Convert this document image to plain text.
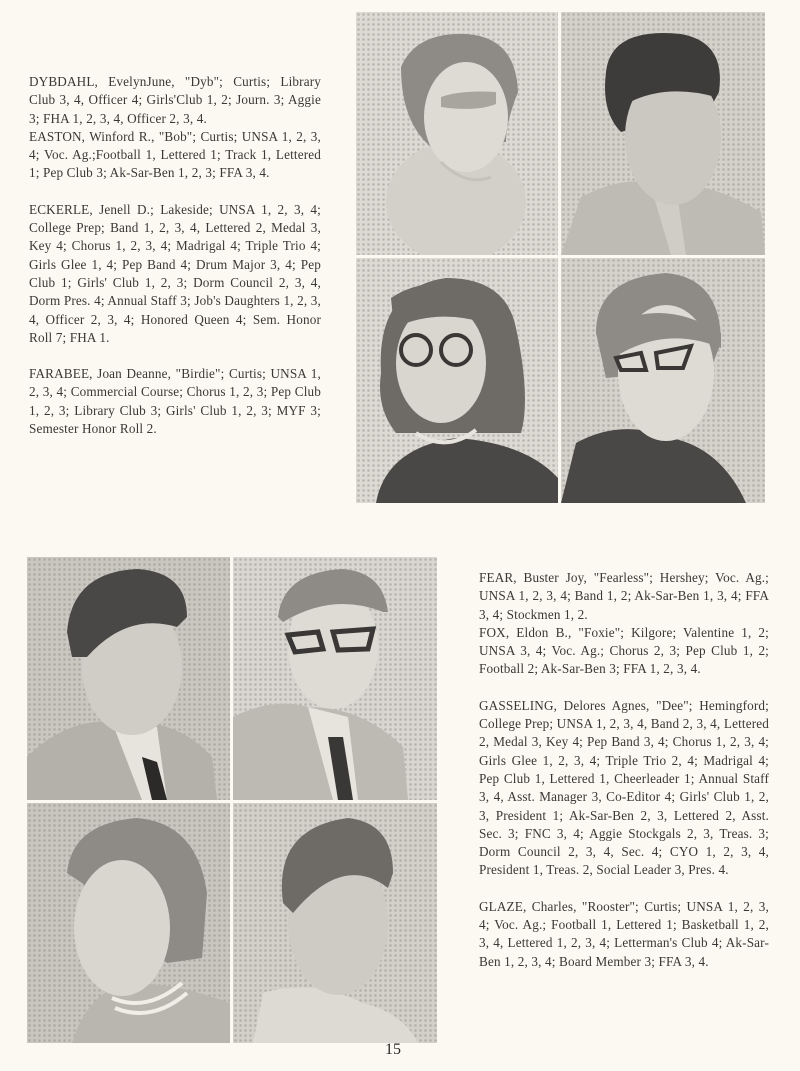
DYBDAHL, EvelynJune, "Dyb"; Curtis; Library Club 3, 4, Officer 4; Girls'Club 1, 2; Journ. 3; Aggie 3; FHA 1, 2, 3, 4, Officer 2, 3, 4.

EASTON, Winford R., "Bob"; Curtis; UNSA 1, 2, 3, 4; Voc. Ag.;Football 1, Lettered 1; Track 1, Lettered 1; Pep Club 3; Ak-Sar-Ben 1, 2, 3; FFA 3, 4.

ECKERLE, Jenell D.; Lakeside; UNSA 1, 2, 3, 4; College Prep; Band 1, 2, 3, 4, Lettered 2, Medal 3, Key 4; Chorus 1, 2, 3, 4; Madrigal 4; Triple Trio 4; Girls Glee 1, 4; Pep Band 4; Drum Major 3, 4; Pep Club 1; Girls' Club 1, 2, 3; Dorm Council 2, 3, 4, Dorm Pres. 4; Annual Staff 3; Job's Daughters 1, 2, 3, 4, Officer 2, 3, 4; Honored Queen 4; Sem. Honor Roll 7; FHA 1.

FARABEE, Joan Deanne, "Birdie"; Curtis; UNSA 1, 2, 3, 4; Commercial Course; Chorus 1, 2, 3; Pep Club 1, 2, 3; Library Club 3; Girls' Club 1, 2, 3; MYF 3; Semester Honor Roll 2.

FEAR, Buster Joy, "Fearless"; Hershey; Voc. Ag.; UNSA 1, 2, 3, 4; Band 1, 2; Ak-Sar-Ben 1, 3, 4; FFA 3, 4; Stockmen 1, 2.

FOX, Eldon B., "Foxie"; Kilgore; Valentine 1, 2; UNSA 3, 4; Voc. Ag.; Chorus 2, 3; Pep Club 1, 2; Football 2; Ak-Sar-Ben 3; FFA 1, 2, 3, 4.

GASSELING, Delores Agnes, "Dee"; Hemingford; College Prep; UNSA 1, 2, 3, 4, Band 2, 3, 4, Lettered 2, Medal 3, Key 4; Pep Band 3, 4; Chorus 1, 2, 3, 4; Girls Glee 1, 2, 3, 4; Triple Trio 2, 4; Madrigal 4; Pep Club 1, Lettered 1, Cheerleader 1; Annual Staff 3, 4, Asst. Manager 3, Co-Editor 4; Girls' Club 1, 2, 3, President 1; Ak-Sar-Ben 2, 3, Lettered 2, Asst. Sec. 3; FNC 3, 4; Aggie Stockgals 2, 3, Treas. 3; Dorm Council 2, 3, 4, Sec. 4; CYO 1, 2, 3, 4, President 1, Treas. 2, Social Leader 3, Pres. 4.

GLAZE, Charles, "Rooster"; Curtis; UNSA 1, 2, 3, 4; Voc. Ag.; Football 1, Lettered 1; Basketball 1, 2, 3, 4, Lettered 1, 2, 3, 4; Letterman's Club 4; Ak-Sar-Ben 1, 2, 3, 4; Board Member 3; FFA 3, 4.

15
